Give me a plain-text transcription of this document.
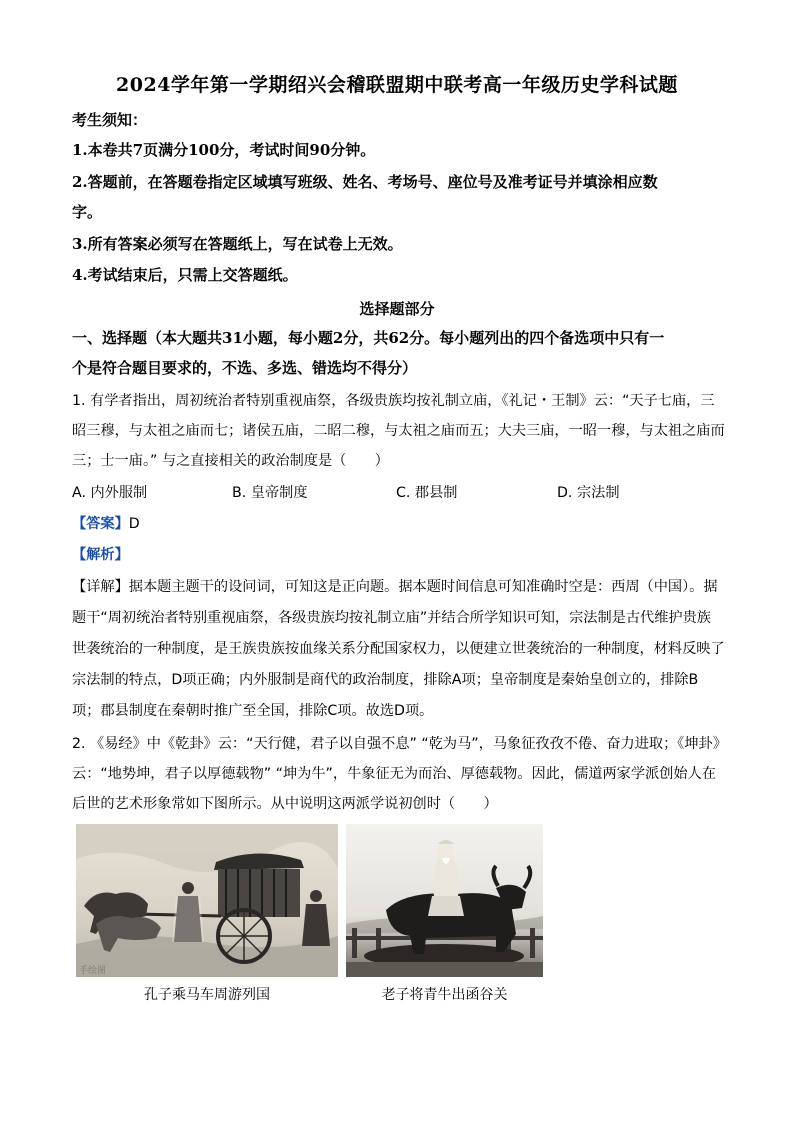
2024学年第一学期绍兴会稽联盟期中联考高一年级历史学科试题
考生须知：
1.本卷共7页满分100分，考试时间90分钟。
2.答题前，在答题卷指定区域填写班级、姓名、考场号、座位号及准考证号并填涂相应数
字。
3.所有答案必须写在答题纸上，写在试卷上无效。
4.考试结束后，只需上交答题纸。
选择题部分
一、选择题（本大题共31小题，每小题2分，共62分。每小题列出的四个备选项中只有一
个是符合题目要求的，不选、多选、错选均不得分）
1. 有学者指出，周初统治者特别重视庙祭，各级贵族均按礼制立庙，《礼记・王制》云：“天子七庙，三
昭三穆，与太祖之庙而七；诸侯五庙，二昭二穆，与太祖之庙而五；大夫三庙，一昭一穆，与太祖之庙而
三；士一庙。” 与之直接相关的政治制度是（　　）
A. 内外服制	B. 皇帝制度	C. 郡县制	D. 宗法制
【答案】D
【解析】
【详解】据本题主题干的设问词，可知这是正向题。据本题时间信息可知准确时空是：西周（中国）。据
题干“周初统治者特别重视庙祭，各级贵族均按礼制立庙”并结合所学知识可知，宗法制是古代维护贵族
世袭统治的一种制度，是王族贵族按血缘关系分配国家权力，以便建立世袭统治的一种制度，材料反映了
宗法制的特点，D项正确；内外服制是商代的政治制度，排除A项；皇帝制度是秦始皇创立的，排除B
项；郡县制度在秦朝时推广至全国，排除C项。故选D项。
2. 《易经》中《乾卦》云：“天行健，君子以自强不息” “乾为马”，马象征孜孜不倦、奋力进取；《坤卦》
云：“地势坤，君子以厚德载物” “坤为牛”，牛象征无为而治、厚德载物。因此，儒道两家学派创始人在
后世的艺术形象常如下图所示。从中说明这两派学说初创时（　　）
手绘图
孔子乘马车周游列国	老子将青牛出函谷关
